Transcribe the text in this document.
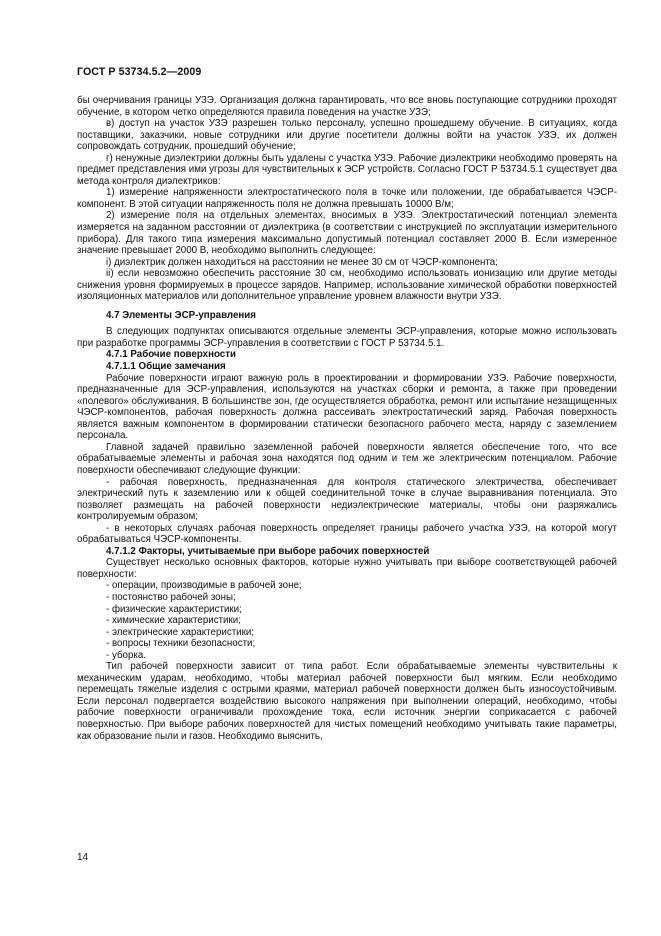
ГОСТ Р 53734.5.2—2009

бы очерчивания границы УЗЭ. Организация должна гарантировать, что все вновь поступающие сотрудники проходят обучение, в котором четко определяются правила поведения на участке УЗЭ;

в) доступ на участок УЗЭ разрешен только персоналу, успешно прошедшему обучение. В ситуациях, когда поставщики, заказчики, новые сотрудники или другие посетители должны войти на участок УЗЭ, их должен сопровождать сотрудник, прошедший обучение;

г) ненужные диэлектрики должны быть удалены с участка УЗЭ. Рабочие диэлектрики необходимо проверять на предмет представления ими угрозы для чувствительных к ЭСР устройств. Согласно ГОСТ Р 53734.5.1 существует два метода контроля диэлектриков:

1) измерение напряженности электростатического поля в точке или положении, где обрабатывается ЧЭСР-компонент. В этой ситуации напряженность поля не должна превышать 10000 В/м;

2) измерение поля на отдельных элементах, вносимых в УЗЭ. Электростатический потенциал элемента измеряется на заданном расстоянии от диэлектрика (в соответствии с инструкцией по эксплуатации измерительного прибора). Для такого типа измерения максимально допустимый потенциал составляет 2000 В. Если измеренное значение превышает 2000 В, необходимо выполнить следующее:

i) диэлектрик должен находиться на расстоянии не менее 30 см от ЧЭСР-компонента;

ii) если невозможно обеспечить расстояние 30 см, необходимо использовать ионизацию или другие методы снижения уровня формируемых в процессе зарядов. Например, использование химической обработки поверхностей изоляционных материалов или дополнительное управление уровнем влажности внутри УЗЭ.

4.7 Элементы ЭСР-управления

В следующих подпунктах описываются отдельные элементы ЭСР-управления, которые можно использовать при разработке программы ЭСР-управления в соответствии с ГОСТ Р 53734.5.1.

4.7.1 Рабочие поверхности

4.7.1.1 Общие замечания

Рабочие поверхности играют важную роль в проектировании и формировании УЗЭ. Рабочие поверхности, предназначенные для ЭСР-управления, используются на участках сборки и ремонта, а также при проведении «полевого» обслуживания. В большинстве зон, где осуществляется обработка, ремонт или испытание незащищенных ЧЭСР-компонентов, рабочая поверхность должна рассеивать электростатический заряд. Рабочая поверхность является важным компонентом в формировании статически безопасного рабочего места, наряду с заземлением персонала.

Главной задачей правильно заземленной рабочей поверхности является обеспечение того, что все обрабатываемые элементы и рабочая зона находятся под одним и тем же электрическим потенциалом. Рабочие поверхности обеспечивают следующие функции:

- рабочая поверхность, предназначенная для контроля статического электричества, обеспечивает электрический путь к заземлению или к общей соединительной точке в случае выравнивания потенциала. Это позволяет размещать на рабочей поверхности недиэлектрические материалы, чтобы они разряжались контролируемым образом;

- в некоторых случаях рабочая поверхность определяет границы рабочего участка УЗЭ, на которой могут обрабатываться ЧЭСР-компоненты.

4.7.1.2 Факторы, учитываемые при выборе рабочих поверхностей

Существует несколько основных факторов, которые нужно учитывать при выборе соответствующей рабочей поверхности:

- операции, производимые в рабочей зоне;

- постоянство рабочей зоны;

- физические характеристики;

- химические характеристики;

- электрические характеристики;

- вопросы техники безопасности;

- уборка.

Тип рабочей поверхности зависит от типа работ. Если обрабатываемые элементы чувствительны к механическим ударам, необходимо, чтобы материал рабочей поверхности был мягким. Если необходимо перемещать тяжелые изделия с острыми краями, материал рабочей поверхности должен быть износоустойчивым. Если персонал подвергается воздействию высокого напряжения при выполнении операций, необходимо, чтобы рабочие поверхности ограничивали прохождение тока, если источник энергии соприкасается с рабочей поверхностью. При выборе рабочих поверхностей для чистых помещений необходимо учитывать такие параметры, как образование пыли и газов. Необходимо выяснить,

14
